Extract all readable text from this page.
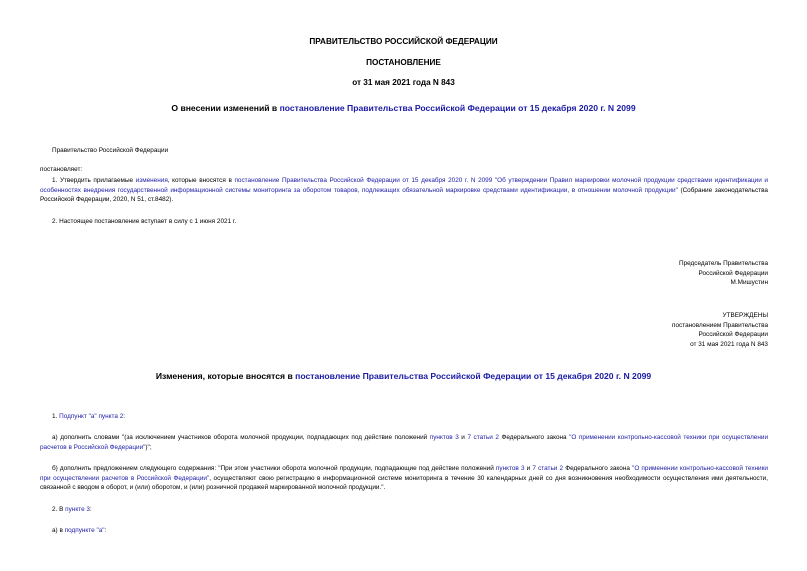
ПРАВИТЕЛЬСТВО РОССИЙСКОЙ ФЕДЕРАЦИИ
ПОСТАНОВЛЕНИЕ
от 31 мая 2021 года N 843
О внесении изменений в постановление Правительства Российской Федерации от 15 декабря 2020 г. N 2099
Правительство Российской Федерации
постановляет:
1. Утвердить прилагаемые изменения, которые вносятся в постановление Правительства Российской Федерации от 15 декабря 2020 г. N 2099 "Об утверждении Правил маркировки молочной продукции средствами идентификации и особенностях внедрения государственной информационной системы мониторинга за оборотом товаров, подлежащих обязательной маркировке средствами идентификации, в отношении молочной продукции" (Собрание законодательства Российской Федерации, 2020, N 51, ст.8482).
2. Настоящее постановление вступает в силу с 1 июня 2021 г.
Председатель Правительства
Российской Федерации
М.Мишустин
УТВЕРЖДЕНЫ
постановлением Правительства
Российской Федерации
от 31 мая 2021 года N 843
Изменения, которые вносятся в постановление Правительства Российской Федерации от 15 декабря 2020 г. N 2099
1. Подпункт "а" пункта 2:
а) дополнить словами "(за исключением участников оборота молочной продукции, подпадающих под действие положений пунктов 3 и 7 статьи 2 Федерального закона "О применении контрольно-кассовой техники при осуществлении расчетов в Российской Федерации")";
б) дополнить предложением следующего содержания: "При этом участники оборота молочной продукции, подпадающие под действие положений пунктов 3 и 7 статьи 2 Федерального закона "О применении контрольно-кассовой техники при осуществлении расчетов в Российской Федерации", осуществляют свою регистрацию в информационной системе мониторинга в течение 30 календарных дней со дня возникновения необходимости осуществления ими деятельности, связанной с вводом в оборот, и (или) оборотом, и (или) розничной продажей маркированной молочной продукции.".
2. В пункте 3:
а) в подпункте "а":
